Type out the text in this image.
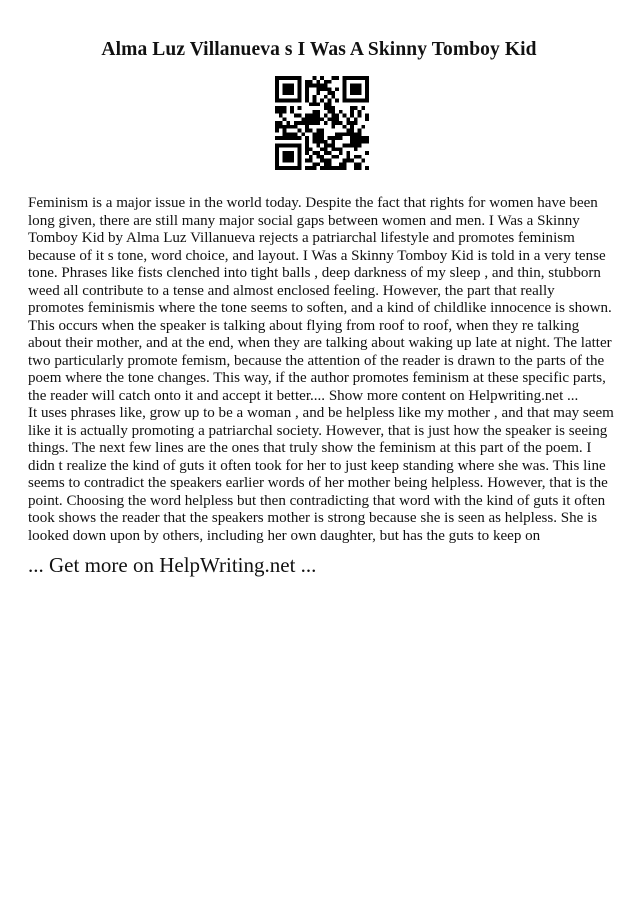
Alma Luz Villanueva s I Was A Skinny Tomboy Kid

Feminism is a major issue in the world today. Despite the fact that rights for women have been long given, there are still many major social gaps between women and men. I Was a Skinny Tomboy Kid by Alma Luz Villanueva rejects a patriarchal lifestyle and promotes feminism because of it s tone, word choice, and layout. I Was a Skinny Tomboy Kid is told in a very tense tone. Phrases like fists clenched into tight balls , deep darkness of my sleep , and thin, stubborn weed all contribute to a tense and almost enclosed feeling. However, the part that really promotes feminismis where the tone seems to soften, and a kind of childlike innocence is shown. This occurs when the speaker is talking about flying from roof to roof, when they re talking about their mother, and at the end, when they are talking about waking up late at night. The latter two particularly promote femism, because the attention of the reader is drawn to the parts of the poem where the tone changes. This way, if the author promotes feminism at these specific parts, the reader will catch onto it and accept it better.... Show more content on Helpwriting.net ...

It uses phrases like, grow up to be a woman , and be helpless like my mother , and that may seem like it is actually promoting a patriarchal society. However, that is just how the speaker is seeing things. The next few lines are the ones that truly show the feminism at this part of the poem. I didn t realize the kind of guts it often took for her to just keep standing where she was. This line seems to contradict the speakers earlier words of her mother being helpless. However, that is the point. Choosing the word helpless but then contradicting that word with the kind of guts it often took shows the reader that the speakers mother is strong because she is seen as helpless. She is looked down upon by others, including her own daughter, but has the guts to keep on

... Get more on HelpWriting.net ...
